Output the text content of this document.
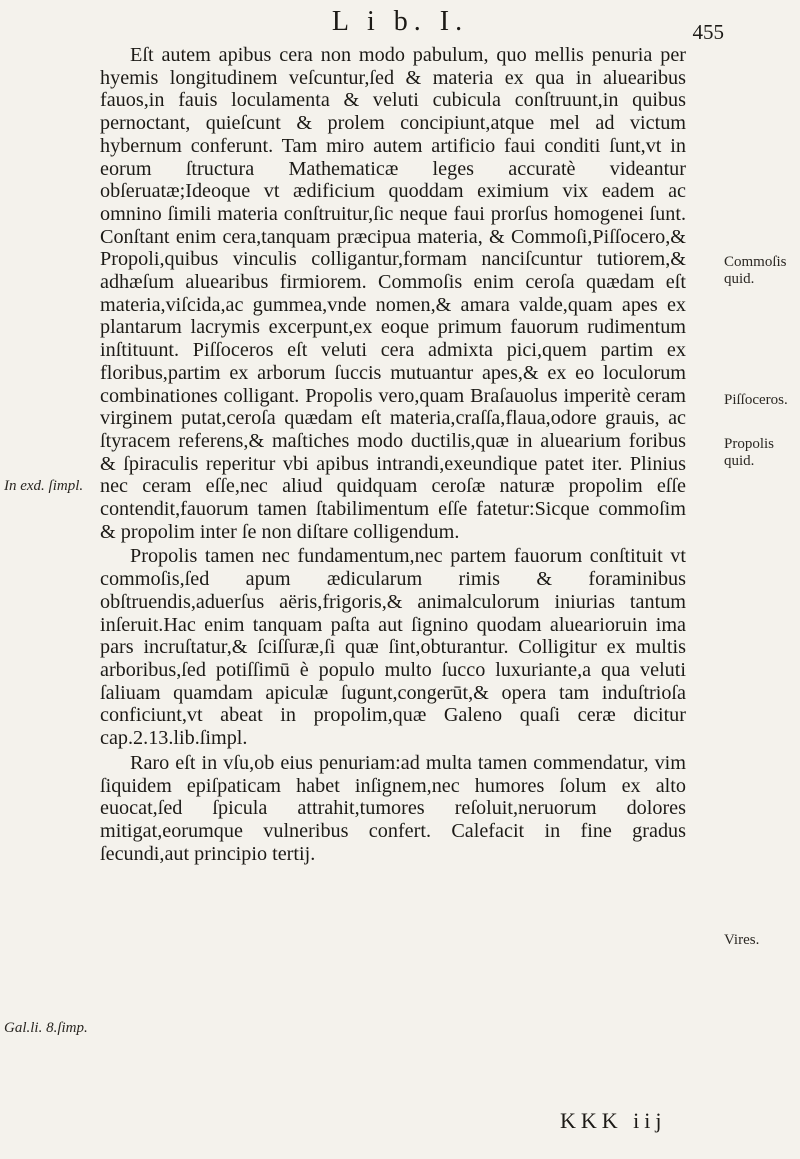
L i b. I.	455

Eſt autem apibus cera non modo pabulum, quo mellis penuria per hyemis longitudinem veſcuntur,ſed & materia ex qua in aluearibus fauos,in fauis loculamenta & veluti cubicula conſtruunt,in quibus pernoctant, quieſcunt & prolem concipiunt,atque mel ad victum hybernum conferunt. Tam miro autem artificio faui conditi ſunt,vt in eorum ſtructura Mathematicæ leges accuratè videantur obſeruatæ;Ideoque vt ædificium quoddam eximium vix eadem ac omnino ſimili materia conſtruitur,ſic neque faui prorſus homogenei ſunt. Conſtant enim cera,tanquam præcipua materia, & Commoſi,Piſſocero,& Propoli,quibus vinculis colligantur,formam nanciſcuntur tutiorem,& adhæſum aluearibus firmiorem. Commoſis enim ceroſa quædam eſt materia,viſcida,ac gummea,vnde nomen,& amara valde,quam apes ex plantarum lacrymis excerpunt,ex eoque primum fauorum rudimentum inſtituunt. Piſſoceros eſt veluti cera admixta pici,quem partim ex floribus,partim ex arborum ſuccis mutuantur apes,& ex eo loculorum combinationes colligant. Propolis vero,quam Braſauolus imperitè ceram virginem putat,ceroſa quædam eſt materia,craſſa,flaua,odore grauis, ac ſtyracem referens,& maſtiches modo ductilis,quæ in aluearium foribus & ſpiraculis reperitur vbi apibus intrandi,exeundique patet iter. Plinius nec ceram eſſe,nec aliud quidquam ceroſæ naturæ propolim eſſe contendit,fauorum tamen ſtabilimentum eſſe fatetur:Sicque commoſim & propolim inter ſe non diſtare colligendum.

Propolis tamen nec fundamentum,nec partem fauorum conſtituit vt commoſis,ſed apum ædicularum rimis & foraminibus obſtruendis,aduerſus aëris,frigoris,& animalculorum iniurias tantum inſeruit.Hac enim tanquam paſta aut ſignino quodam aluearioruin ima pars incruſtatur,& ſciſſuræ,ſi quæ ſint,obturantur. Colligitur ex multis arboribus,ſed potiſſimū è populo multo ſucco luxuriante,a qua veluti ſaliuam quamdam apiculæ ſugunt,congerūt,& opera tam induſtrioſa conficiunt,vt abeat in propolim,quæ Galeno quaſi ceræ dicitur cap.2.13.lib.ſimpl.

Raro eſt in vſu,ob eius penuriam:ad multa tamen commendatur, vim ſiquidem epiſpaticam habet inſignem,nec humores ſolum ex alto euocat,ſed ſpicula attrahit,tumores reſoluit,neruorum dolores mitigat,eorumque vulneribus confert. Calefacit in fine gradus ſecundi,aut principio tertij.

In exd. ſimpl.
Gal.li. 8.ſimp.
Commoſis quid.
Piſſoceros.
Propolis quid.
Vires.
KKK iij
